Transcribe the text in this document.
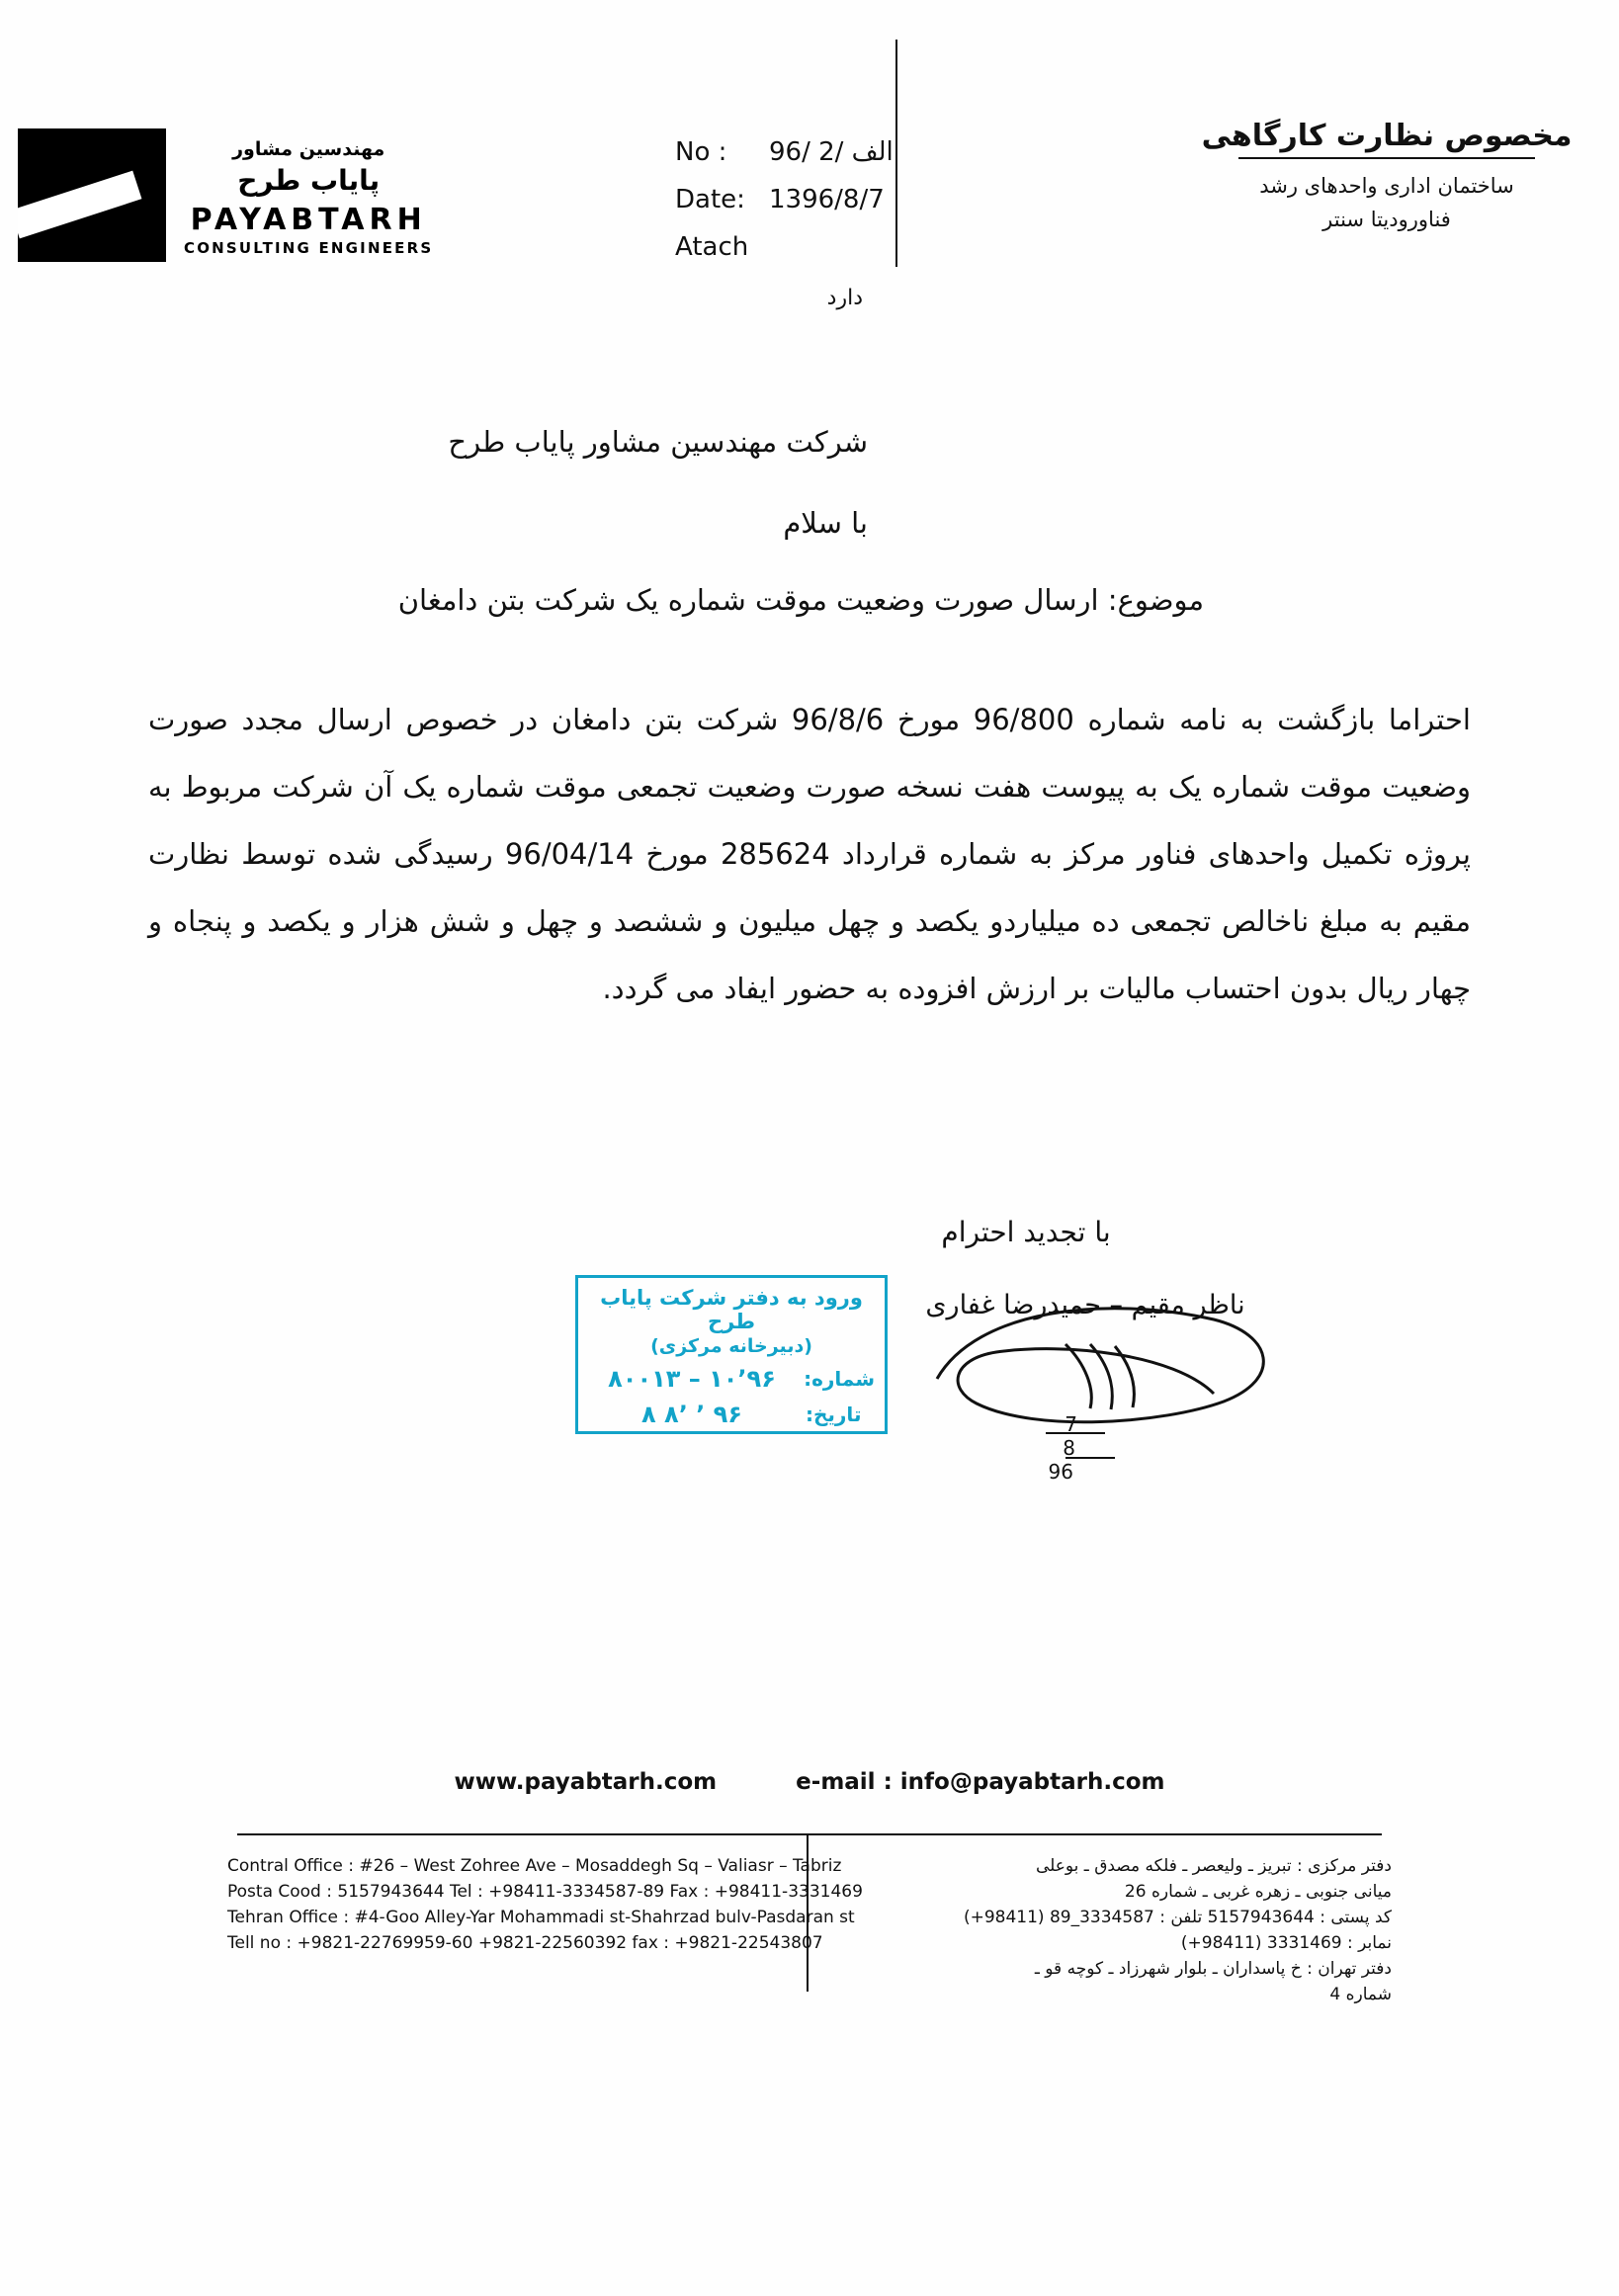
مهندسین مشاور
پایاب طرح
PAYABTARH
CONSULTING ENGINEERS
No : 96/ الف /2
Date: 1396/8/7
Atach
دارد
مخصوص نظارت کارگاهی
ساختمان اداری واحدهای رشد
فناوروديتا سنتر
شرکت مهندسین مشاور پایاب طرح
با سلام
موضوع: ارسال صورت وضعیت موقت شماره یک شرکت بتن دامغان
احتراما بازگشت به نامه شماره 96/800 مورخ 96/8/6 شرکت بتن دامغان در خصوص ارسال مجدد صورت وضعیت موقت شماره یک به پیوست هفت نسخه صورت وضعیت تجمعی موقت شماره یک آن شرکت مربوط به پروژه تکمیل واحدهای فناور مرکز به شماره قرارداد 285624 مورخ 96/04/14 رسیدگی شده توسط نظارت مقیم به مبلغ ناخالص تجمعی ده میلیاردو یکصد و چهل میلیون و ششصد و چهل و شش هزار و یکصد و پنجاه و چهار ریال بدون احتساب مالیات بر ارزش افزوده به حضور ایفاد می گردد.
با تجدید احترام
ناظر مقیم – حمیدرضا غفاری
7
8
96
ورود به دفتر شرکت پایاب طرح
(دبیرخانه مرکزی)
شماره:
۱۰٬۹۶ – ۸۰۰۱۳
تاریخ:
۹۶ ٬ ۸٬ ۸
www.payabtarh.com	e-mail : info@payabtarh.com
دفتر مرکزی : تبریز ـ ولیعصر ـ فلکه مصدق ـ بوعلی
میانی جنوبی ـ زهره غربی ـ شماره 26
کد پستی : 5157943644 تلفن : 3334587_89 (98411+)
نمابر : 3331469 (98411+)
دفتر تهران : خ پاسداران ـ بلوار شهرزاد ـ کوچه قو ـ
شماره 4
Contral Office : #26 – West Zohree Ave – Mosaddegh Sq – Valiasr – Tabriz
Posta Cood : 5157943644 Tel : +98411-3334587-89 Fax : +98411-3331469
Tehran Office : #4-Goo Alley-Yar Mohammadi st-Shahrzad bulv-Pasdaran st
Tell no : +9821-22769959-60 +9821-22560392 fax : +9821-22543807
